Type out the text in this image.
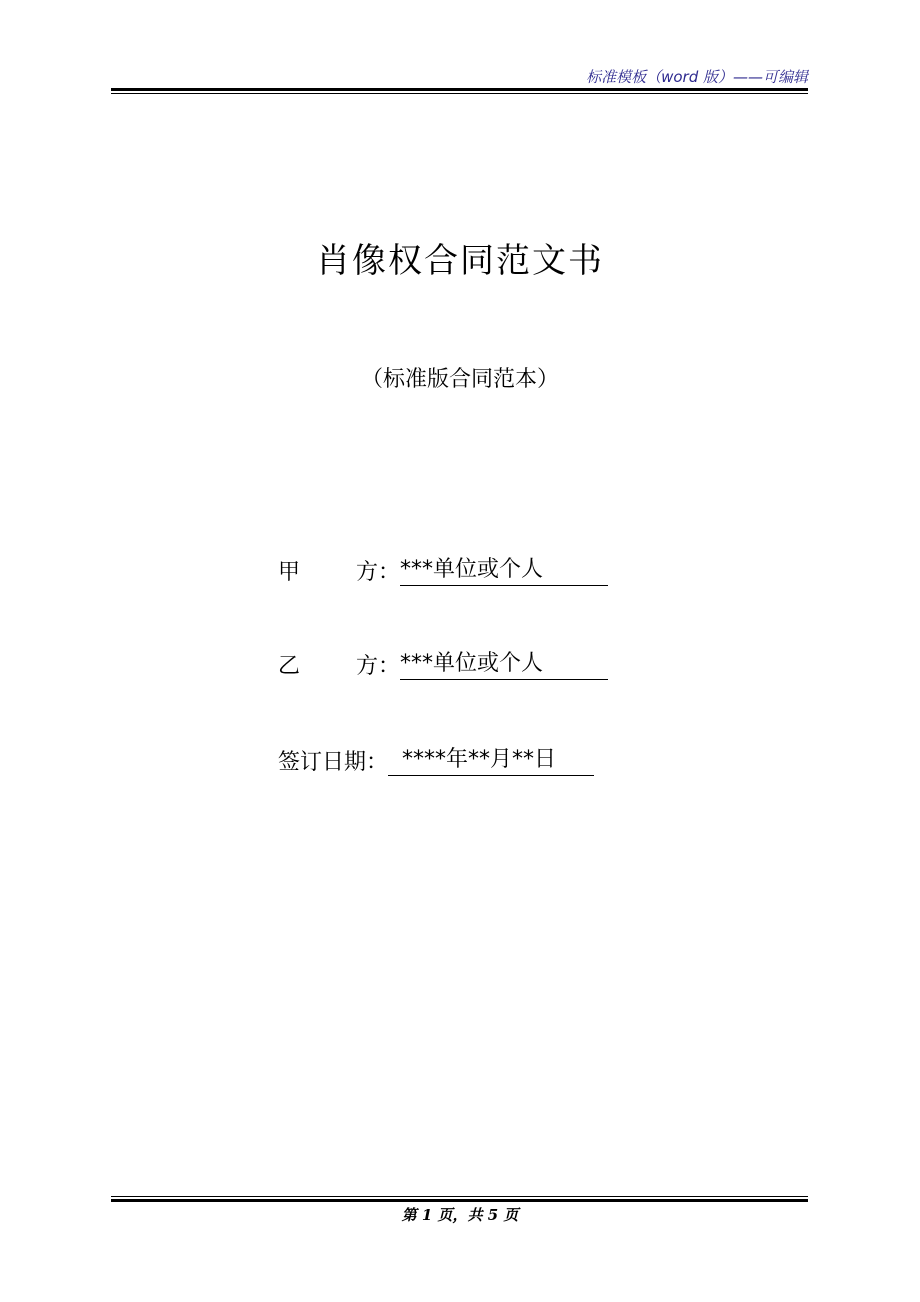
标准模板（word 版）——可编辑
肖像权合同范文书
（标准版合同范本）
甲	方： ***单位或个人
乙	方： ***单位或个人
签订日期： ****年**月**日
第 1 页，共 5 页
